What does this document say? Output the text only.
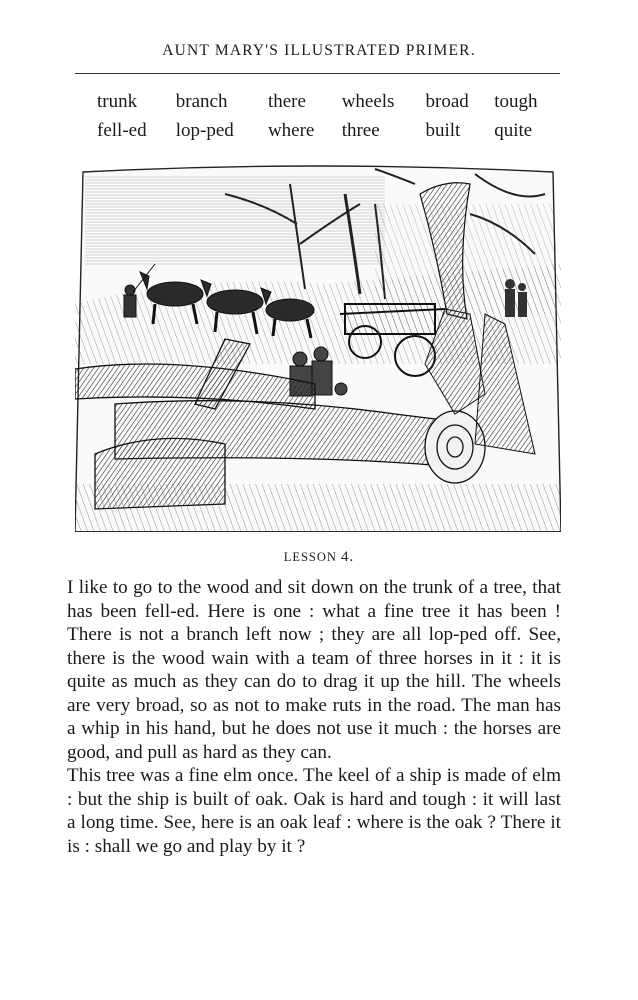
AUNT MARY'S ILLUSTRATED PRIMER.
trunk	branch	there	wheels	broad	tough
fell-ed	lop-ped	where	three	built	quite
LESSON 4.

I like to go to the wood and sit down on the trunk of a tree, that has been fell-ed. Here is one : what a fine tree it has been ! There is not a branch left now ; they are all lop-ped off. See, there is the wood wain with a team of three horses in it : it is quite as much as they can do to drag it up the hill. The wheels are very broad, so as not to make ruts in the road. The man has a whip in his hand, but he does not use it much : the horses are good, and pull as hard as they can.

This tree was a fine elm once. The keel of a ship is made of elm : but the ship is built of oak. Oak is hard and tough : it will last a long time. See, here is an oak leaf : where is the oak ? There it is : shall we go and play by it ?
